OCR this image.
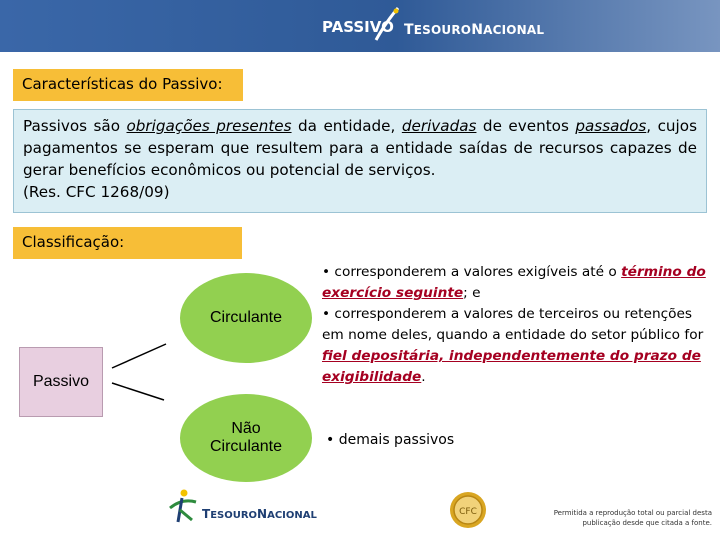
PASSIVO TESOURONACIONAL
Características do Passivo:
Passivos são obrigações presentes da entidade, derivadas de eventos passados, cujos pagamentos se esperam que resultem para a entidade saídas de recursos capazes de gerar benefícios econômicos ou potencial de serviços.
(Res. CFC 1268/09)
Classificação:
Passivo
Circulante
Não
Circulante
• corresponderem a valores exigíveis até o término do exercício seguinte; e
• corresponderem a valores de terceiros ou retenções em nome deles, quando a entidade do setor público for fiel depositária, independentemente do prazo de exigibilidade.
• demais passivos
TESOURONACIONAL	CFC	Permitida a reprodução total ou parcial desta publicação desde que citada a fonte.
